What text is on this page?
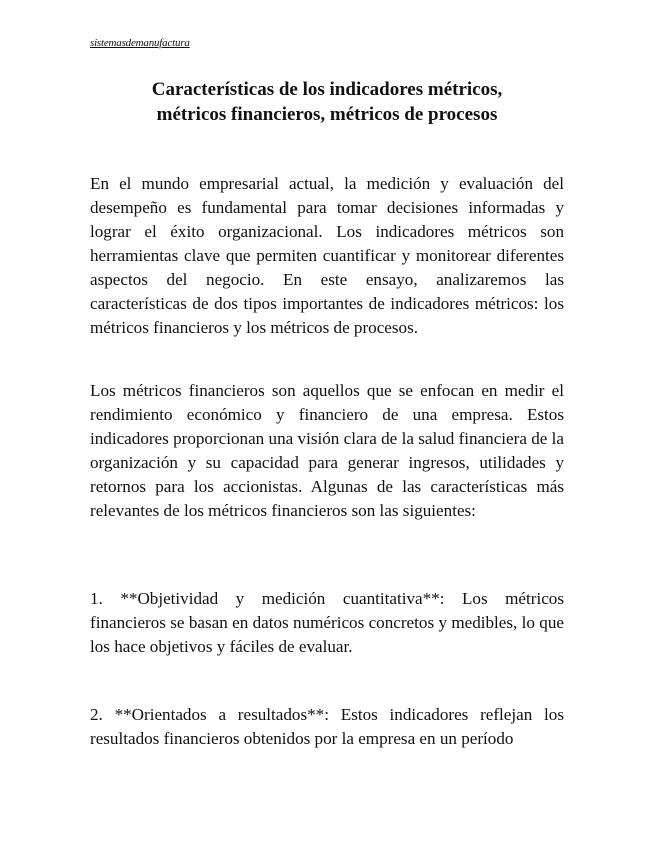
sistemasdemanufactura
Características de los indicadores métricos,
métricos financieros, métricos de procesos

En el mundo empresarial actual, la medición y evaluación del desempeño es fundamental para tomar decisiones informadas y lograr el éxito organizacional. Los indicadores métricos son herramientas clave que permiten cuantificar y monitorear diferentes aspectos del negocio. En este ensayo, analizaremos las características de dos tipos importantes de indicadores métricos: los métricos financieros y los métricos de procesos.

Los métricos financieros son aquellos que se enfocan en medir el rendimiento económico y financiero de una empresa. Estos indicadores proporcionan una visión clara de la salud financiera de la organización y su capacidad para generar ingresos, utilidades y retornos para los accionistas. Algunas de las características más relevantes de los métricos financieros son las siguientes:

1. **Objetividad y medición cuantitativa**: Los métricos financieros se basan en datos numéricos concretos y medibles, lo que los hace objetivos y fáciles de evaluar.

2. **Orientados a resultados**: Estos indicadores reflejan los resultados financieros obtenidos por la empresa en un período
